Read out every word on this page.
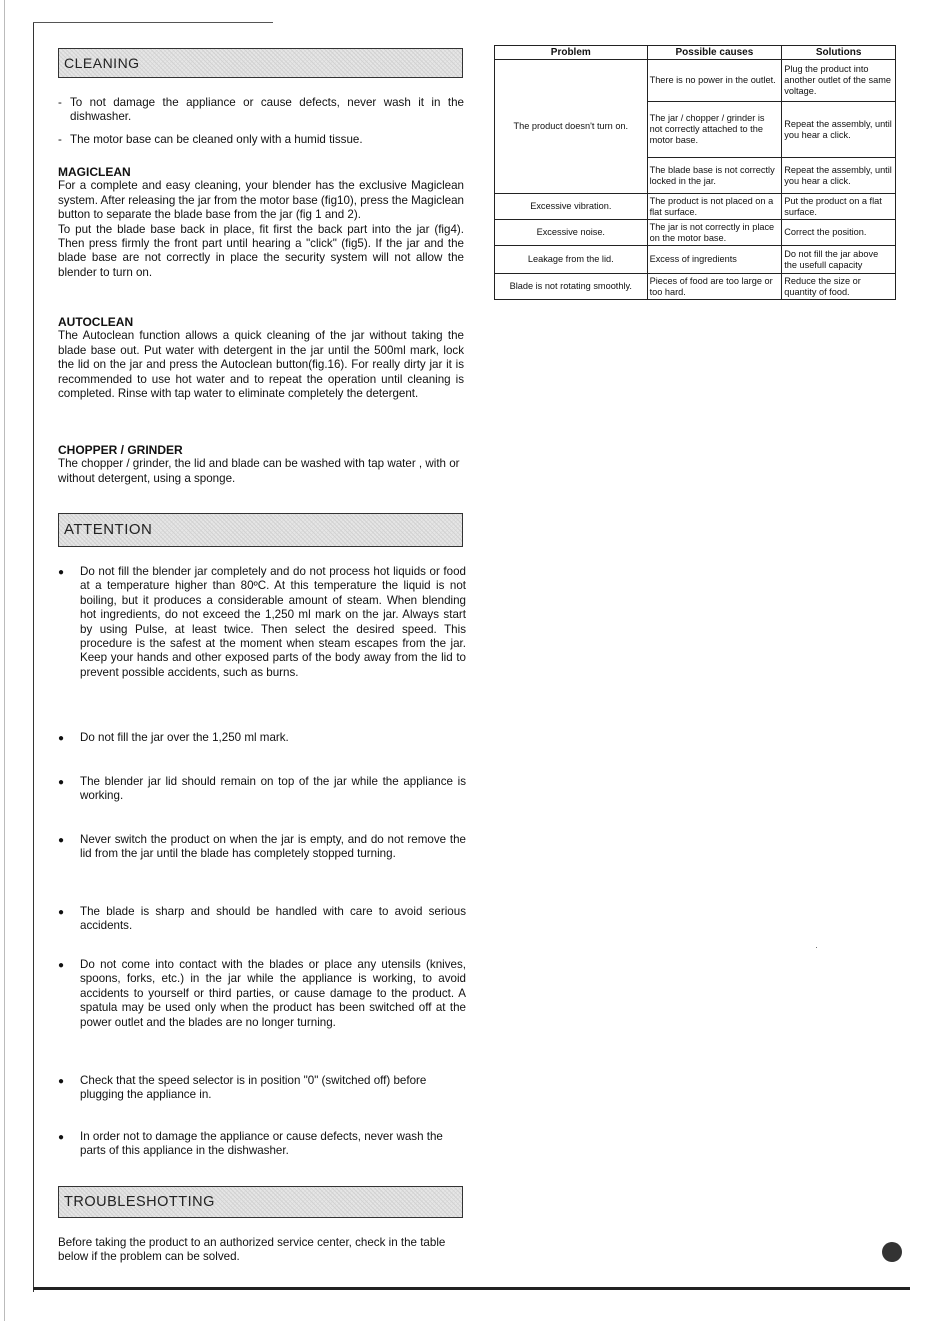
CLEANING
- To not damage the appliance or cause defects, never wash it in the dishwasher.

- The motor base can be cleaned only with a humid tissue.

MAGICLEAN

For a complete and easy cleaning, your blender has the exclusive Magiclean system. After releasing the jar from the motor base (fig10), press the Magiclean button to separate the blade base from the jar (fig 1 and 2).

To put the blade base back in place, fit first the back part into the jar (fig4). Then press firmly the front part until hearing a "click" (fig5). If the jar and the blade base are not correctly in place the security system will not allow the blender to turn on.

AUTOCLEAN

The Autoclean function allows a quick cleaning of the jar without taking the blade base out. Put water with detergent in the jar until the 500ml mark, lock the lid on the jar and press the Autoclean button(fig.16). For really dirty jar it is recommended to use hot water and to repeat the operation until cleaning is completed. Rinse with tap water to eliminate completely the detergent.

CHOPPER / GRINDER

The chopper / grinder, the lid and blade can be washed with tap water , with or without detergent, using a sponge.

ATTENTION
●	Do not fill the blender jar completely and do not process hot liquids or food at a temperature higher than 80ºC. At this temperature the liquid is not boiling, but it produces a considerable amount of steam. When blending hot ingredients, do not exceed the 1,250 ml mark on the jar. Always start by using Pulse, at least twice. Then select the desired speed. This procedure is the safest at the moment when steam escapes from the jar. Keep your hands and other exposed parts of the body away from the lid to prevent possible accidents, such as burns.

●	Do not fill the jar over the 1,250 ml mark.

●	The blender jar lid should remain on top of the jar while the appliance is working.

●	Never switch the product on when the jar is empty, and do not remove the lid from the jar until the blade has completely stopped turning.

●	The blade is sharp and should be handled with care to avoid serious accidents.

●	Do not come into contact with the blades or place any utensils (knives, spoons, forks, etc.) in the jar while the appliance is working, to avoid accidents to yourself or third parties, or cause damage to the product. A spatula may be used only when the product has been switched off at the power outlet and the blades are no longer turning.

●	Check that the speed selector is in position "0" (switched off) before plugging the appliance in.

●	In order not to damage the appliance or cause defects, never wash the parts of this appliance in the dishwasher.

TROUBLESHOTTING

Before taking the product to an authorized service center, check in the table below if the problem can be solved.

Problem	Possible causes	Solutions
The product doesn't turn on.	There is no power in the outlet.	Plug the product into another outlet of the same voltage.
	The jar / chopper / grinder is not correctly attached to the motor base.	Repeat the assembly, until you hear a click.
	The blade base is not correctly locked in the jar.	Repeat the assembly, until you hear a click.
Excessive vibration.	The product is not placed on a flat surface.	Put the product on a flat surface.
Excessive noise.	The jar is not correctly in place on the motor base.	Correct the position.
Leakage from the lid.	Excess of ingredients	Do not fill the jar above the usefull capacity
Blade is not rotating smoothly.	Pieces of food are too large or too hard.	Reduce the size or quantity of food.
·
